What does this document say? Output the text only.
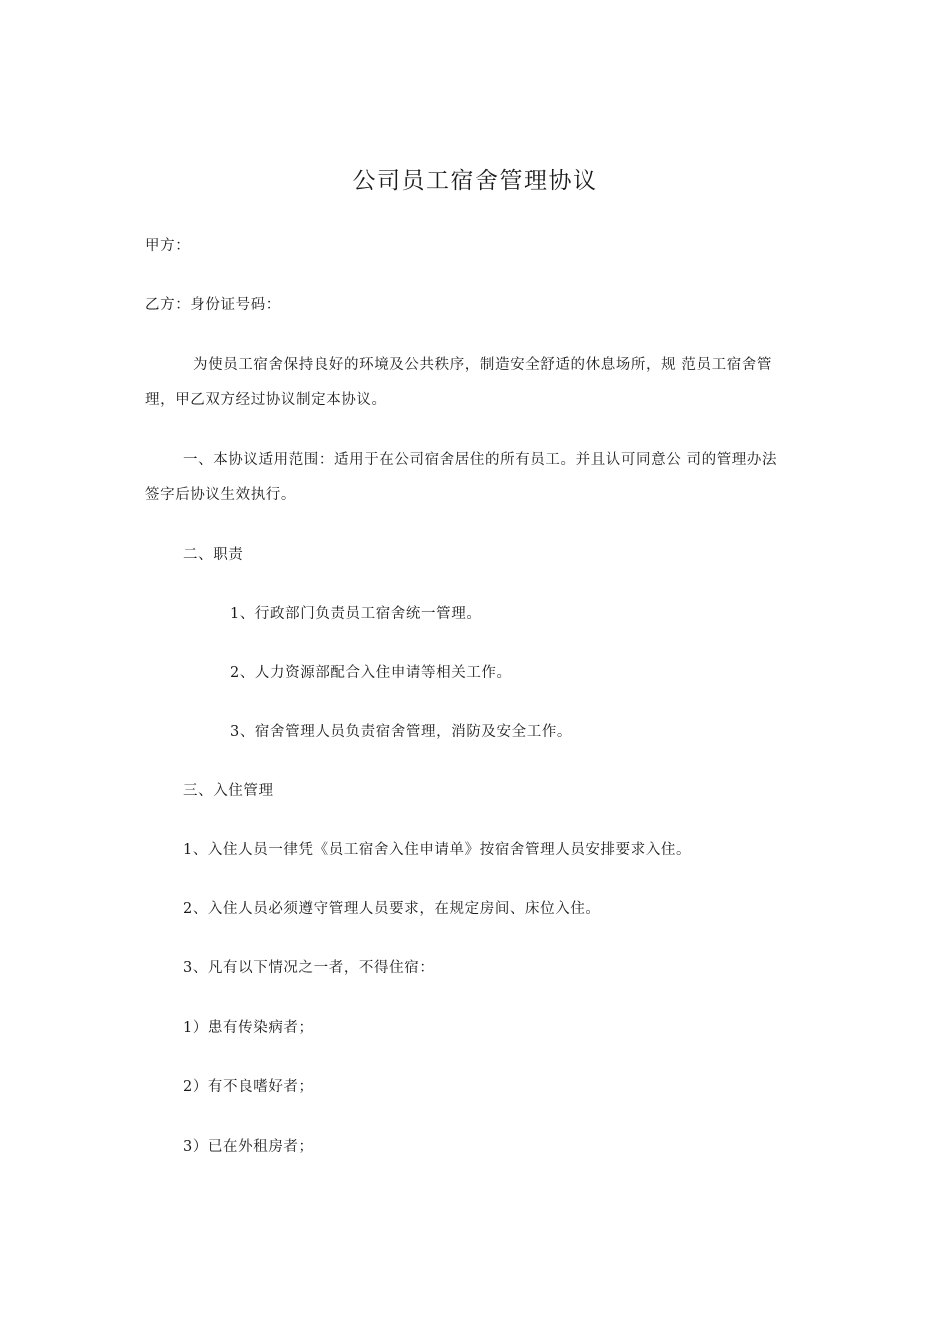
公司员工宿舍管理协议
甲方：
乙方：身份证号码：
为使员工宿舍保持良好的环境及公共秩序，制造安全舒适的休息场所，规 范员工宿舍管
理，甲乙双方经过协议制定本协议。
一、本协议适用范围：适用于在公司宿舍居住的所有员工。并且认可同意公 司的管理办法
签字后协议生效执行。
二、职责
1、行政部门负责员工宿舍统一管理。
2、人力资源部配合入住申请等相关工作。
3、宿舍管理人员负责宿舍管理，消防及安全工作。
三、入住管理
1、入住人员一律凭《员工宿舍入住申请单》按宿舍管理人员安排要求入住。
2、入住人员必须遵守管理人员要求，在规定房间、床位入住。
3、凡有以下情况之一者，不得住宿：
1）患有传染病者；
2）有不良嗜好者；
3）已在外租房者；
